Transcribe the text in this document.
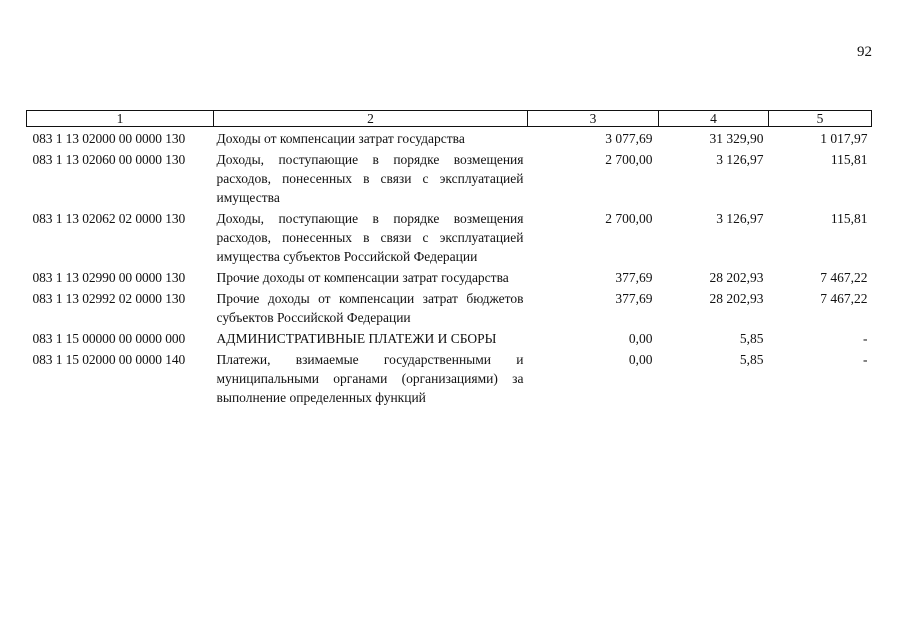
92
1	2	3	4	5
083 1 13 02000 00 0000 130	Доходы от компенсации затрат государства	3 077,69	31 329,90	1 017,97
083 1 13 02060 00 0000 130	Доходы, поступающие в порядке возмещения расходов, понесенных в связи с эксплуатацией имущества	2 700,00	3 126,97	115,81
083 1 13 02062 02 0000 130	Доходы, поступающие в порядке возмещения расходов, понесенных в связи с эксплуатацией имущества субъектов Российской Федерации	2 700,00	3 126,97	115,81
083 1 13 02990 00 0000 130	Прочие доходы от компенсации затрат государства	377,69	28 202,93	7 467,22
083 1 13 02992 02 0000 130	Прочие доходы от компенсации затрат бюджетов субъектов Российской Федерации	377,69	28 202,93	7 467,22
083 1 15 00000 00 0000 000	АДМИНИСТРАТИВНЫЕ ПЛАТЕЖИ И СБОРЫ	0,00	5,85	-
083 1 15 02000 00 0000 140	Платежи, взимаемые государственными и муниципальными органами (организациями) за выполнение определенных функций	0,00	5,85	-
